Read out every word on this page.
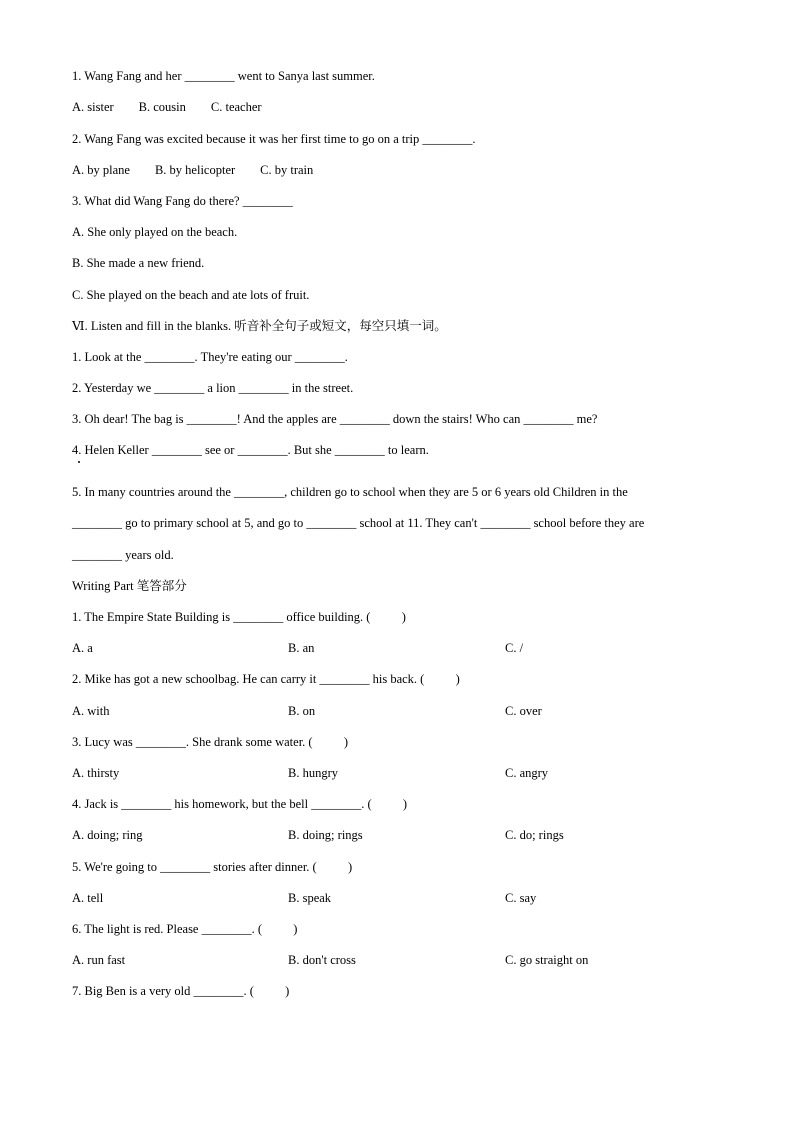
1. Wang Fang and her ________ went to Sanya last summer.
A. sister        B. cousin        C. teacher
2. Wang Fang was excited because it was her first time to go on a trip ________.
A. by plane        B. by helicopter        C. by train
3. What did Wang Fang do there? ________
A. She only played on the beach.
B. She made a new friend.
C. She played on the beach and ate lots of fruit.
Ⅵ. Listen and fill in the blanks. 听音补全句子或短文，每空只填一词。
1. Look at the ________. They're eating our ________.
2. Yesterday we ________ a lion ________ in the street.
3. Oh dear! The bag is ________! And the apples are ________ down the stairs! Who can ________ me?
4. Helen Keller ________ see or ________. But she ________ to learn.
5. In many countries around the ________, children go to school when they are 5 or 6 years old Children in the
________ go to primary school at 5, and go to ________ school at 11. They can't ________ school before they are
________ years old.
Writing Part 笔答部分
1. The Empire State Building is ________ office building. (          )
A. a	B. an	C. /
2. Mike has got a new schoolbag. He can carry it ________ his back. (          )
A. with	B. on	C. over
3. Lucy was ________. She drank some water. (          )
A. thirsty	B. hungry	C. angry
4. Jack is ________ his homework, but the bell ________. (          )
A. doing; ring	B. doing; rings	C. do; rings
5. We're going to ________ stories after dinner. (          )
A. tell	B. speak	C. say
6. The light is red. Please ________. (          )
A. run fast	B. don't cross	C. go straight on
7. Big Ben is a very old ________. (          )
